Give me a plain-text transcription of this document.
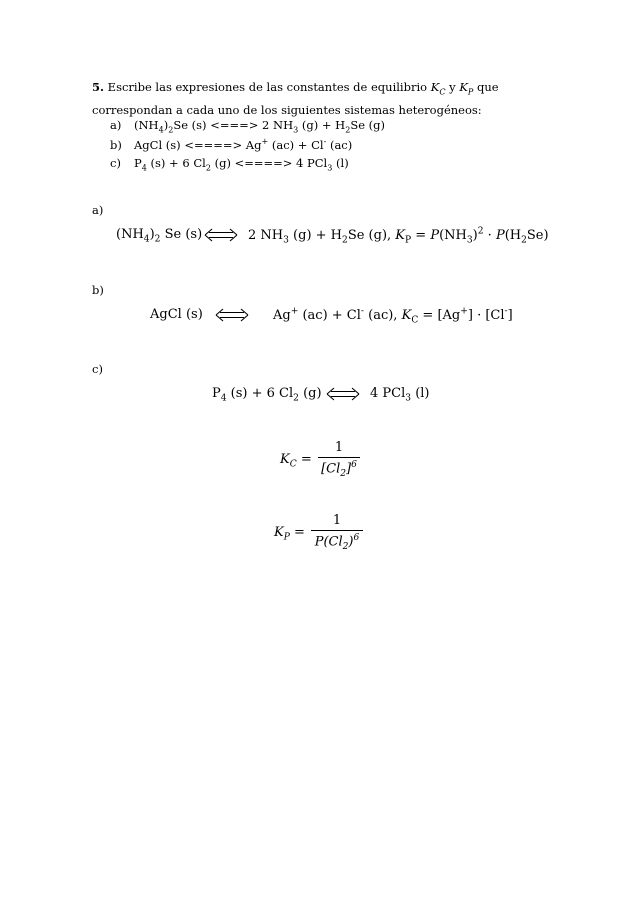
5. Escribe las expresiones de las constantes de equilibrio $K_C$ y $K_P$ que correspondan a cada uno de los siguientes sistemas heterogéneos:
a) $(NH_4)_2Se$ (s) <===> 2 $NH_3$ $(g) + H_2Se$ (g)
b) AgCl (s) <====> Ag+ (ac) + Cl- (ac)
c) $P_4$ (s) + 6 $Cl_2$ (g) <====> 4 PCl$_3$ (l)
a)
$(NH_4)_2$ Se (s)	2 $NH_3$ $(g) + H_2Se$ (g), $K_P = P(NH_3)^2 \cdot P(H_2Se)$
b)
AgCl (s)	Ag+ (ac) + Cl- (ac), $K_C = [Ag^+] \cdot [Cl^-]$
c)
$P_4$ (s) + 6 $Cl_2$ (g)	4 PCl$_3$ (l)
$K_C$ =
1
$[Cl_2]^6$
$K_P$ =
1
$P(Cl_2)^6$
